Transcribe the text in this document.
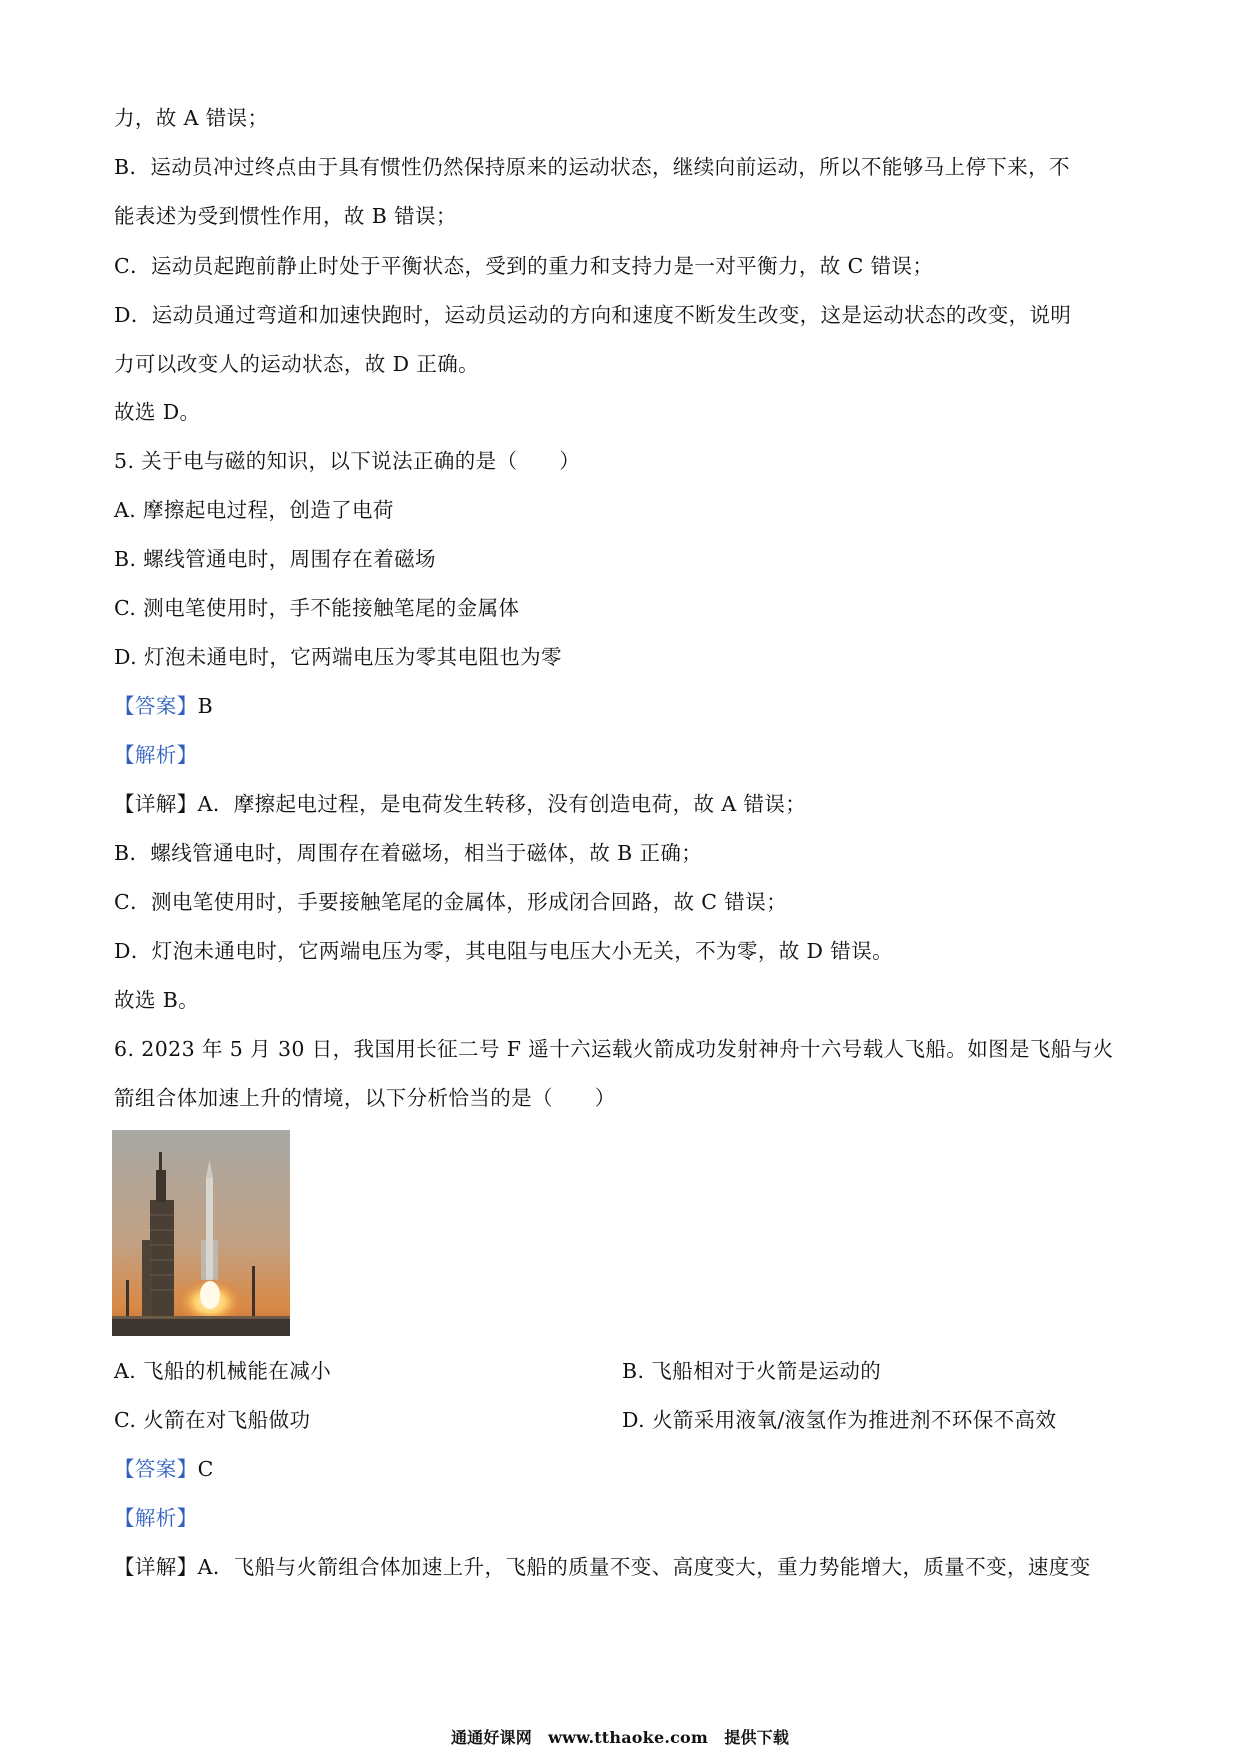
力，故 A 错误；
B．运动员冲过终点由于具有惯性仍然保持原来的运动状态，继续向前运动，所以不能够马上停下来，不
能表述为受到惯性作用，故 B 错误；
C．运动员起跑前静止时处于平衡状态，受到的重力和支持力是一对平衡力，故 C 错误；
D．运动员通过弯道和加速快跑时，运动员运动的方向和速度不断发生改变，这是运动状态的改变，说明
力可以改变人的运动状态，故 D 正确。
故选 D。
5. 关于电与磁的知识，以下说法正确的是（　　）
A. 摩擦起电过程，创造了电荷
B. 螺线管通电时，周围存在着磁场
C. 测电笔使用时，手不能接触笔尾的金属体
D. 灯泡未通电时，它两端电压为零其电阻也为零
【答案】B
【解析】
【详解】A．摩擦起电过程，是电荷发生转移，没有创造电荷，故 A 错误；
B．螺线管通电时，周围存在着磁场，相当于磁体，故 B 正确；
C．测电笔使用时，手要接触笔尾的金属体，形成闭合回路，故 C 错误；
D．灯泡未通电时，它两端电压为零，其电阻与电压大小无关，不为零，故 D 错误。
故选 B。
6. 2023 年 5 月 30 日，我国用长征二号 F 遥十六运载火箭成功发射神舟十六号载人飞船。如图是飞船与火
箭组合体加速上升的情境，以下分析恰当的是（　　）
A. 飞船的机械能在减小	B. 飞船相对于火箭是运动的
C. 火箭在对飞船做功	D. 火箭采用液氧/液氢作为推进剂不环保不高效
【答案】C
【解析】
【详解】A．飞船与火箭组合体加速上升，飞船的质量不变、高度变大，重力势能增大，质量不变，速度变
通通好课网　www.tthaoke.com　提供下载
